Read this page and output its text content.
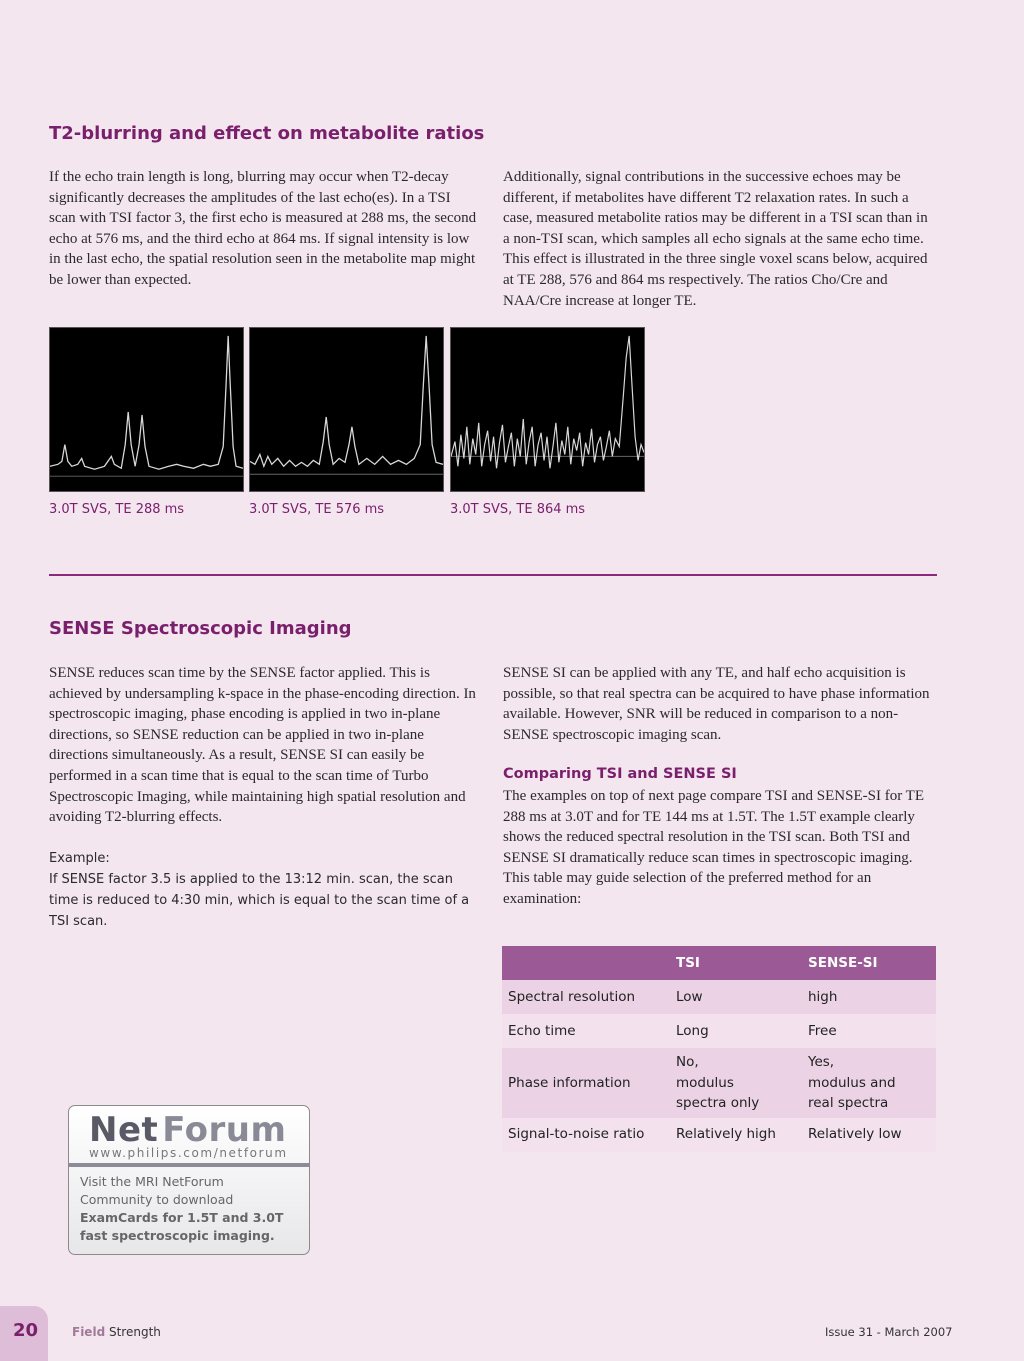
T2-blurring and effect on metabolite ratios

If the echo train length is long, blurring may occur when T2-decay significantly decreases the amplitudes of the last echo(es). In a TSI scan with TSI factor 3, the first echo is measured at 288 ms, the second echo at 576 ms, and the third echo at 864 ms. If signal intensity is low in the last echo, the spatial resolution seen in the metabolite map might be lower than expected.

Additionally, signal contributions in the successive echoes may be different, if metabolites have different T2 relaxation rates. In such a case, measured metabolite ratios may be different in a TSI scan than in a non-TSI scan, which samples all echo signals at the same echo time. This effect is illustrated in the three single voxel scans below, acquired at TE 288, 576 and 864 ms respectively. The ratios Cho/Cre and NAA/Cre increase at longer TE.

3.0T SVS, TE 288 ms	3.0T SVS, TE 576 ms	3.0T SVS, TE 864 ms
SENSE Spectroscopic Imaging

SENSE reduces scan time by the SENSE factor applied. This is achieved by undersampling k-space in the phase-encoding direction. In spectroscopic imaging, phase encoding is applied in two in-plane directions, so SENSE reduction can be applied in two in-plane directions simultaneously. As a result, SENSE SI can easily be performed in a scan time that is equal to the scan time of Turbo Spectroscopic Imaging, while maintaining high spatial resolution and avoiding T2-blurring effects.

Example:

If SENSE factor 3.5 is applied to the 13:12 min. scan, the scan time is reduced to 4:30 min, which is equal to the scan time of a TSI scan.

SENSE SI can be applied with any TE, and half echo acquisition is possible, so that real spectra can be acquired to have phase information available. However, SNR will be reduced in comparison to a non-SENSE spectroscopic imaging scan.

Comparing TSI and SENSE SI

The examples on top of next page compare TSI and SENSE-SI for TE 288 ms at 3.0T and for TE 144 ms at 1.5T. The 1.5T example clearly shows the reduced spectral resolution in the TSI scan. Both TSI and SENSE SI dramatically reduce scan times in spectroscopic imaging. This table may guide selection of the preferred method for an examination:

	TSI	SENSE-SI
Spectral resolution	Low	high
Echo time	Long	Free
Phase information	No,
modulus
spectra only	Yes,
modulus and
real spectra
Signal-to-noise ratio	Relatively high	Relatively low
Net Forum
www.philips.com/netforum
Visit the MRI NetForum Community to download ExamCards for 1.5T and 3.0T fast spectroscopic imaging.
20	Field Strength	Issue 31 - March 2007
